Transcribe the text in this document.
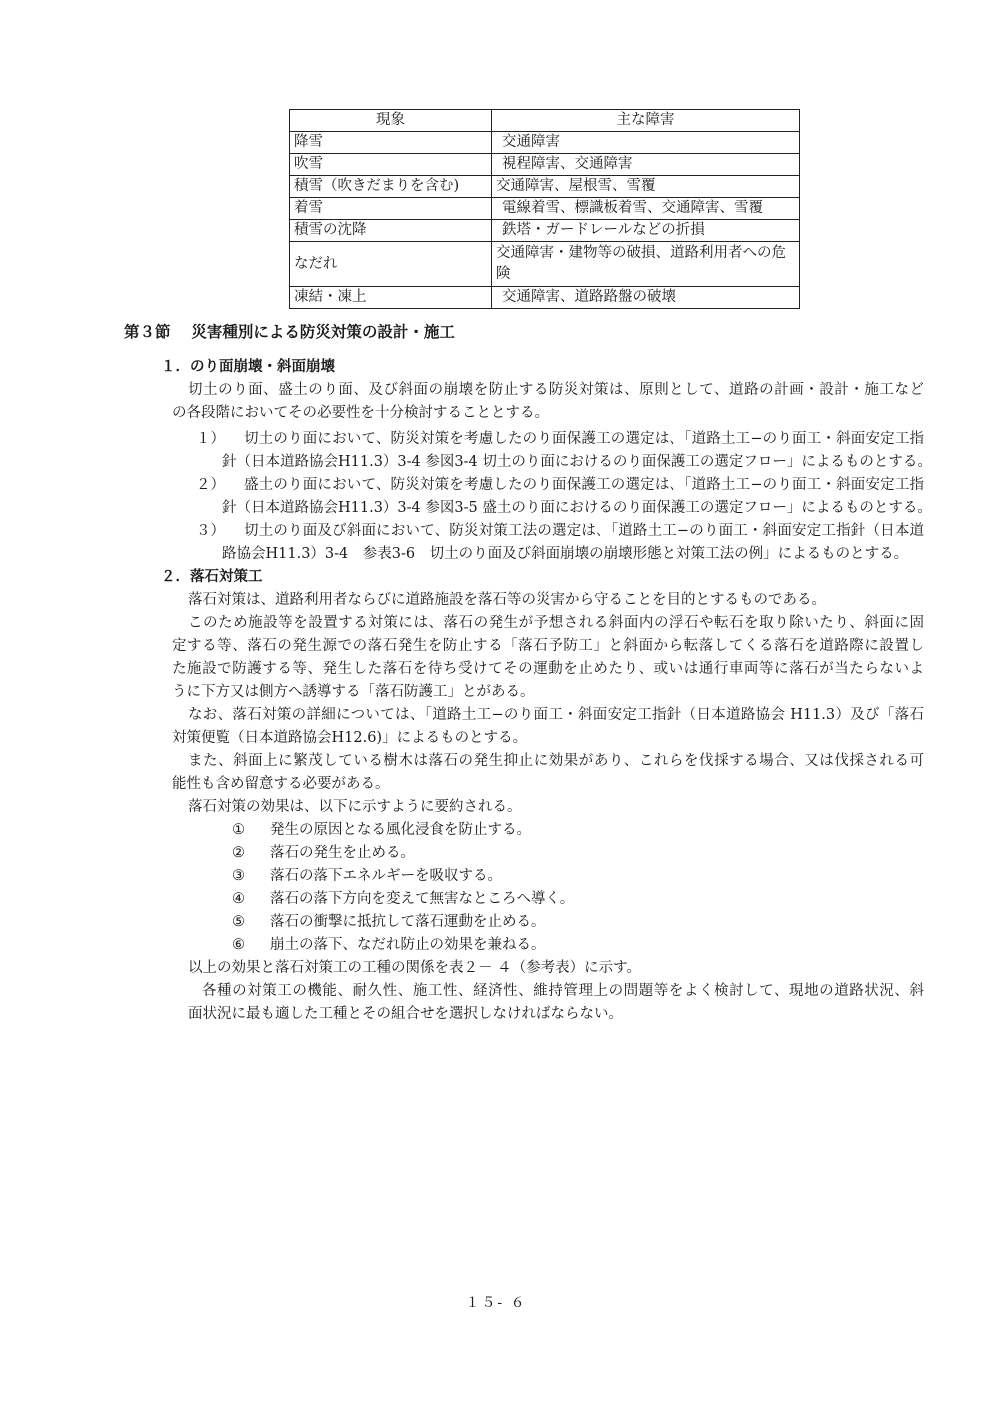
現象	主な障害
降雪	交通障害
吹雪	視程障害、交通障害
積雪（吹きだまりを含む)	交通障害、屋根雪、雪覆
着雪	電線着雪、標識板着雪、交通障害、雪覆
積雪の沈降	鉄塔・ガードレールなどの折損
なだれ	交通障害・建物等の破損、道路利用者への危険
凍結・凍上	交通障害、道路路盤の破壊
第３節　 災害種別による防災対策の設計・施工
１．のり面崩壊・斜面崩壊
切土のり面、盛土のり面、及び斜面の崩壊を防止する防災対策は、原則として、道路の計画・設計・施工など
の各段階においてその必要性を十分検討することとする。
１） 切土のり面において、防災対策を考慮したのり面保護工の選定は､「道路土工−のり面工・斜面安定工指
針（日本道路協会H11.3）3-4 参図3-4 切土のり面におけるのり面保護工の選定フロー」によるものとする。
２） 盛土のり面において、防災対策を考慮したのり面保護工の選定は､「道路土工−のり面工・斜面安定工指
針（日本道路協会H11.3）3-4 参図3-5 盛土のり面におけるのり面保護工の選定フロー」によるものとする。
３） 切土のり面及び斜面において、防災対策工法の選定は､「道路土工−のり面工・斜面安定工指針（日本道
路協会H11.3）3-4　参表3-6　切土のり面及び斜面崩壊の崩壊形態と対策工法の例」によるものとする。
２．落石対策工
落石対策は、道路利用者ならびに道路施設を落石等の災害から守ることを目的とするものである。
このため施設等を設置する対策には、落石の発生が予想される斜面内の浮石や転石を取り除いたり、斜面に固
定する等、落石の発生源での落石発生を防止する「落石予防工」と斜面から転落してくる落石を道路際に設置し
た施設で防護する等、発生した落石を待ち受けてその運動を止めたり、或いは通行車両等に落石が当たらないよ
うに下方又は側方へ誘導する「落石防護工」とがある。
なお、落石対策の詳細については、「道路土工−のり面工・斜面安定工指針（日本道路協会 H11.3）及び「落石
対策便覧（日本道路協会H12.6)」によるものとする。
また、斜面上に繁茂している樹木は落石の発生抑止に効果があり、これらを伐採する場合、又は伐採される可
能性も含め留意する必要がある。
落石対策の効果は、以下に示すように要約される。
① 発生の原因となる風化浸食を防止する。
② 落石の発生を止める。
③ 落石の落下エネルギーを吸収する。
④ 落石の落下方向を変えて無害なところへ導く。
⑤ 落石の衝撃に抵抗して落石運動を止める。
⑥ 崩土の落下、なだれ防止の効果を兼ねる。
以上の効果と落石対策工の工種の関係を表２－ ４（参考表）に示す。
各種の対策工の機能、耐久性、施工性、経済性、維持管理上の問題等をよく検討して、現地の道路状況、斜
面状況に最も適した工種とその組合せを選択しなければならない。
１５- ６
